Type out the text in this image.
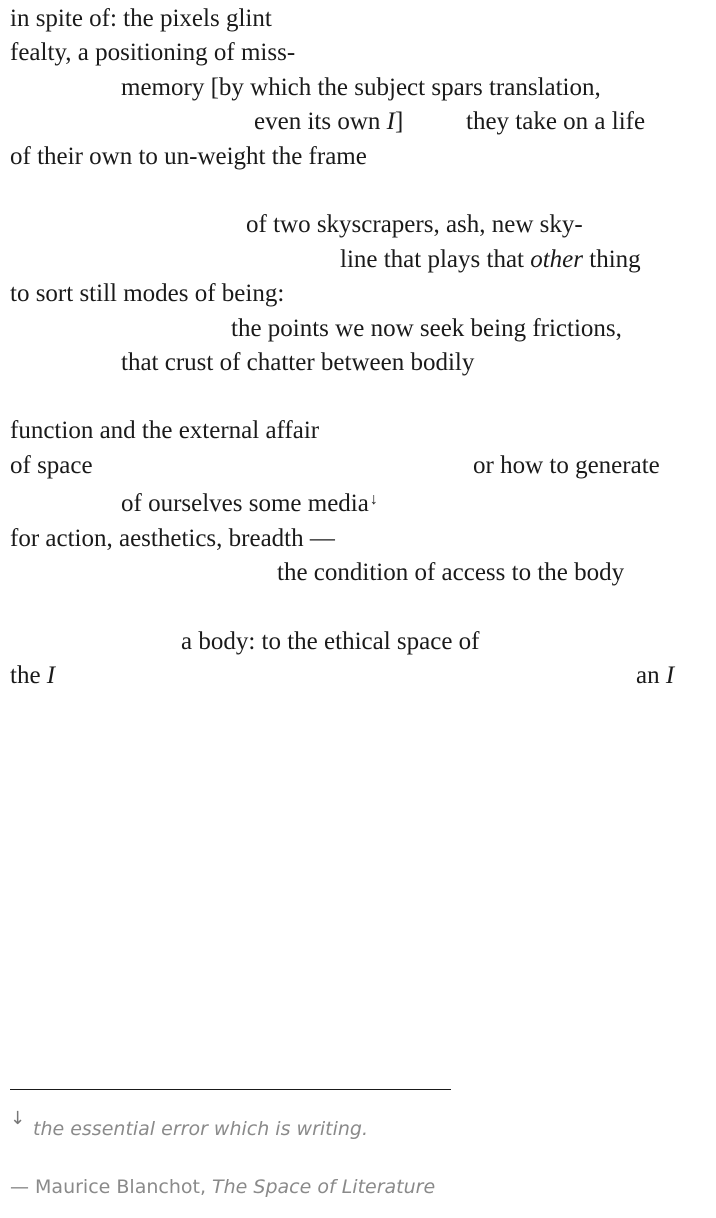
in spite of: the pixels glint
fealty, a positioning of miss-
memory [by which the subject spars translation,
even its own I]	they take on a life
of their own to un-weight the frame
of two skyscrapers, ash, new sky-
line that plays that other thing
to sort still modes of being:
the points we now seek being frictions,
that crust of chatter between bodily
function and the external affair
of space	or how to generate
of ourselves some media↓
for action, aesthetics, breadth —
the condition of access to the body
a body: to the ethical space of
the I	an I
↓ the essential error which is writing.
— Maurice Blanchot, The Space of Literature
